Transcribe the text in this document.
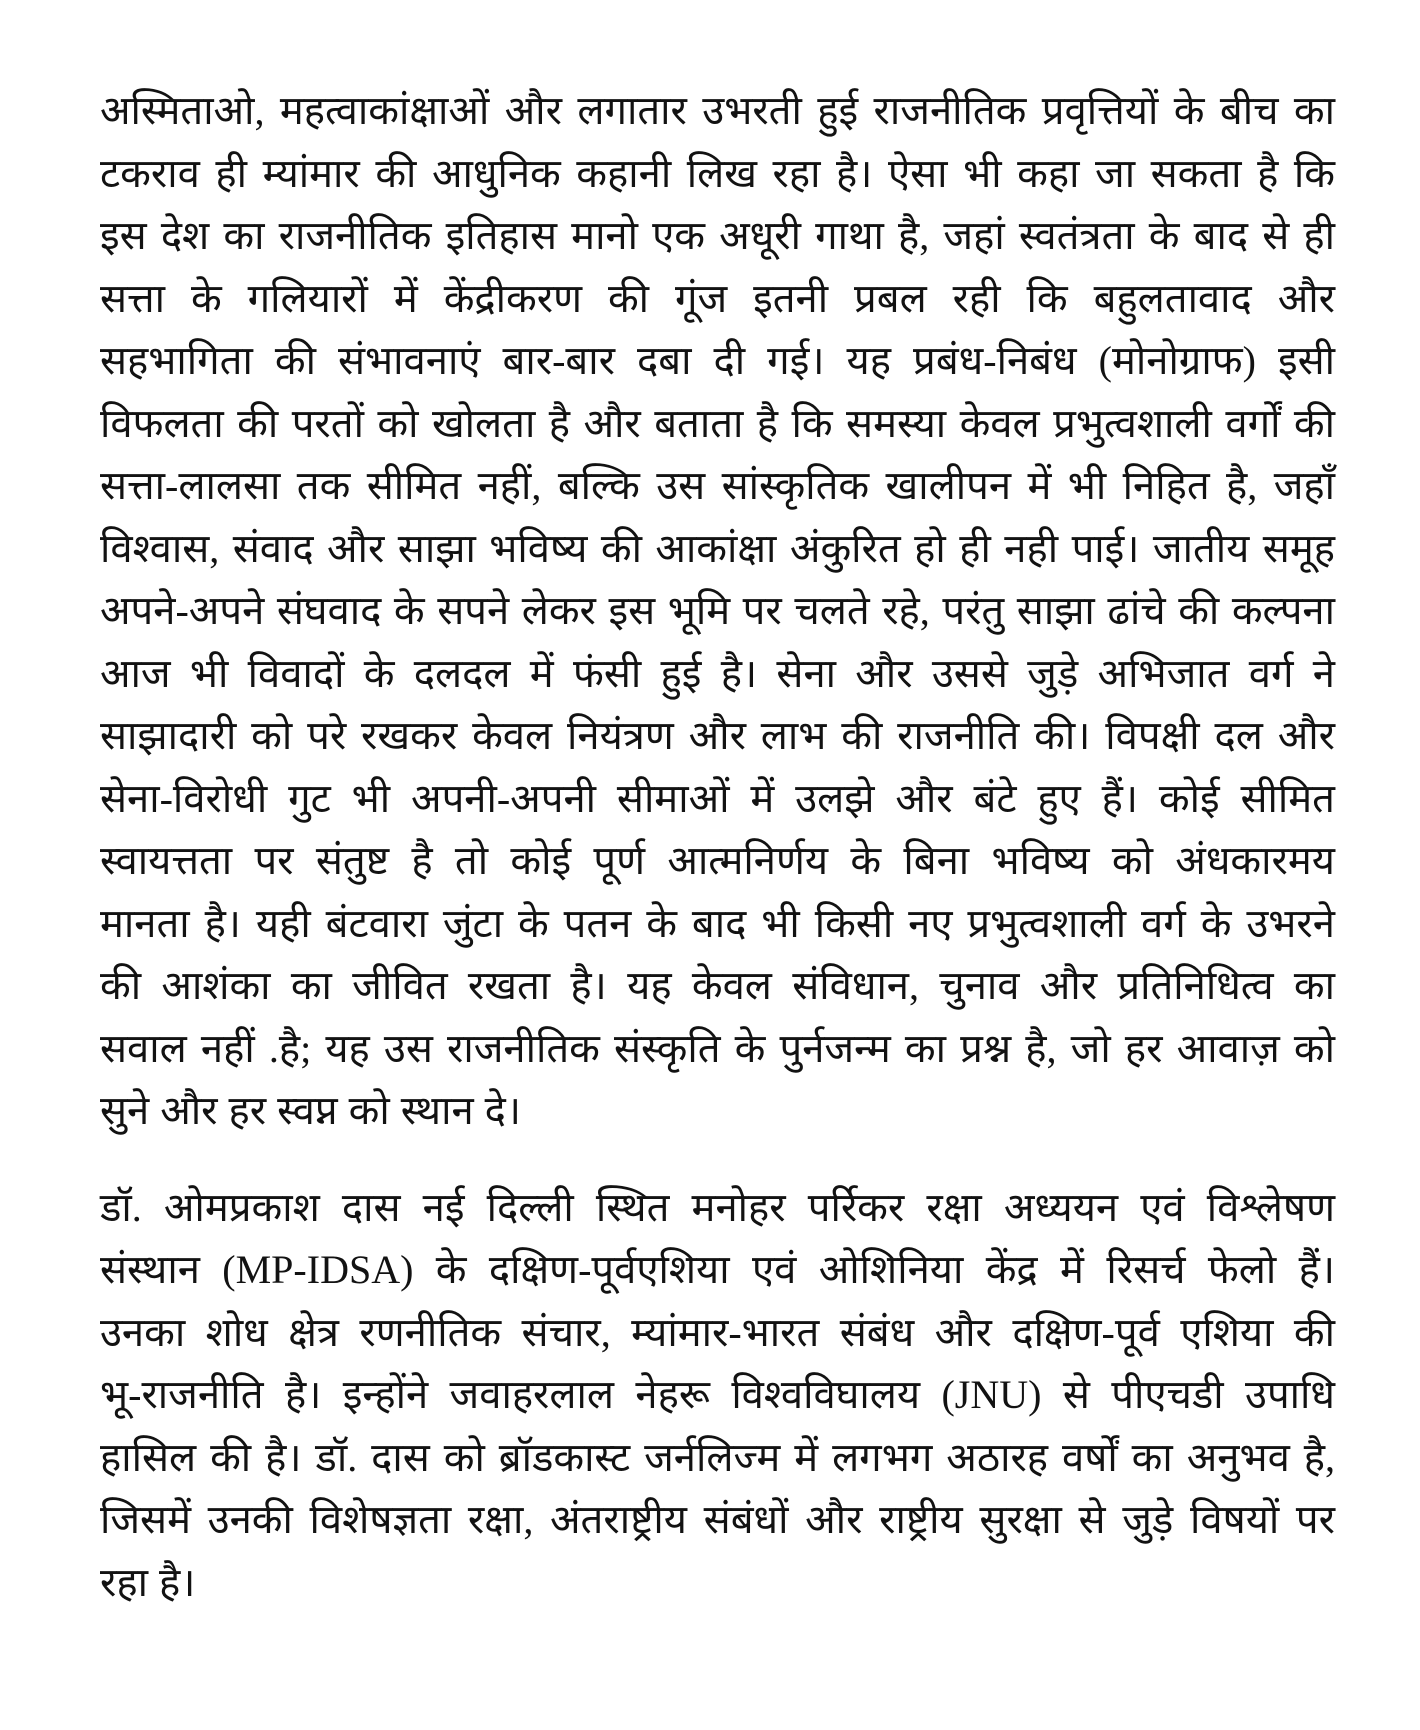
अस्मिताओ, महत्वाकांक्षाओं और लगातार उभरती हुई राजनीतिक प्रवृत्तियों के बीच का
टकराव ही म्यांमार की आधुनिक कहानी लिख रहा है। ऐसा भी कहा जा सकता है कि
इस देश का राजनीतिक इतिहास मानो एक अधूरी गाथा है, जहां स्वतंत्रता के बाद से ही
सत्ता के गलियारों में केंद्रीकरण की गूंज इतनी प्रबल रही कि बहुलतावाद और
सहभागिता की संभावनाएं बार-बार दबा दी गई। यह प्रबंध-निबंध (मोनोग्राफ) इसी
विफलता की परतों को खोलता है और बताता है कि समस्या केवल प्रभुत्वशाली वर्गों की
सत्ता-लालसा तक सीमित नहीं, बल्कि उस सांस्कृतिक खालीपन में भी निहित है, जहाँ
विश्वास, संवाद और साझा भविष्य की आकांक्षा अंकुरित हो ही नही पाई। जातीय समूह
अपने-अपने संघवाद के सपने लेकर इस भूमि पर चलते रहे, परंतु साझा ढांचे की कल्पना
आज भी विवादों के दलदल में फंसी हुई है। सेना और उससे जुड़े अभिजात वर्ग ने
साझादारी को परे रखकर केवल नियंत्रण और लाभ की राजनीति की। विपक्षी दल और
सेना-विरोधी गुट भी अपनी-अपनी सीमाओं में उलझे और बंटे हुए हैं। कोई सीमित
स्वायत्तता पर संतुष्ट है तो कोई पूर्ण आत्मनिर्णय के बिना भविष्य को अंधकारमय
मानता है। यही बंटवारा जुंटा के पतन के बाद भी किसी नए प्रभुत्वशाली वर्ग के उभरने
की आशंका का जीवित रखता है। यह केवल संविधान, चुनाव और प्रतिनिधित्व का
सवाल नहीं .है; यह उस राजनीतिक संस्कृति के पुर्नजन्म का प्रश्न है, जो हर आवाज़ को
सुने और हर स्वप्न को स्थान दे।
डॉ. ओमप्रकाश दास नई दिल्ली स्थित मनोहर पर्रिकर रक्षा अध्ययन एवं विश्लेषण
संस्थान (MP-IDSA) के दक्षिण-पूर्वएशिया एवं ओशिनिया केंद्र में रिसर्च फेलो हैं।
उनका शोध क्षेत्र रणनीतिक संचार, म्यांमार-भारत संबंध और दक्षिण-पूर्व एशिया की
भू-राजनीति है। इन्होंने जवाहरलाल नेहरू विश्वविघालय (JNU) से पीएचडी उपाधि
हासिल की है। डॉ. दास को ब्रॉडकास्ट जर्नलिज्म में लगभग अठारह वर्षों का अनुभव है,
जिसमें उनकी विशेषज्ञता रक्षा, अंतराष्ट्रीय संबंधों और राष्ट्रीय सुरक्षा से जुड़े विषयों पर
रहा है।
